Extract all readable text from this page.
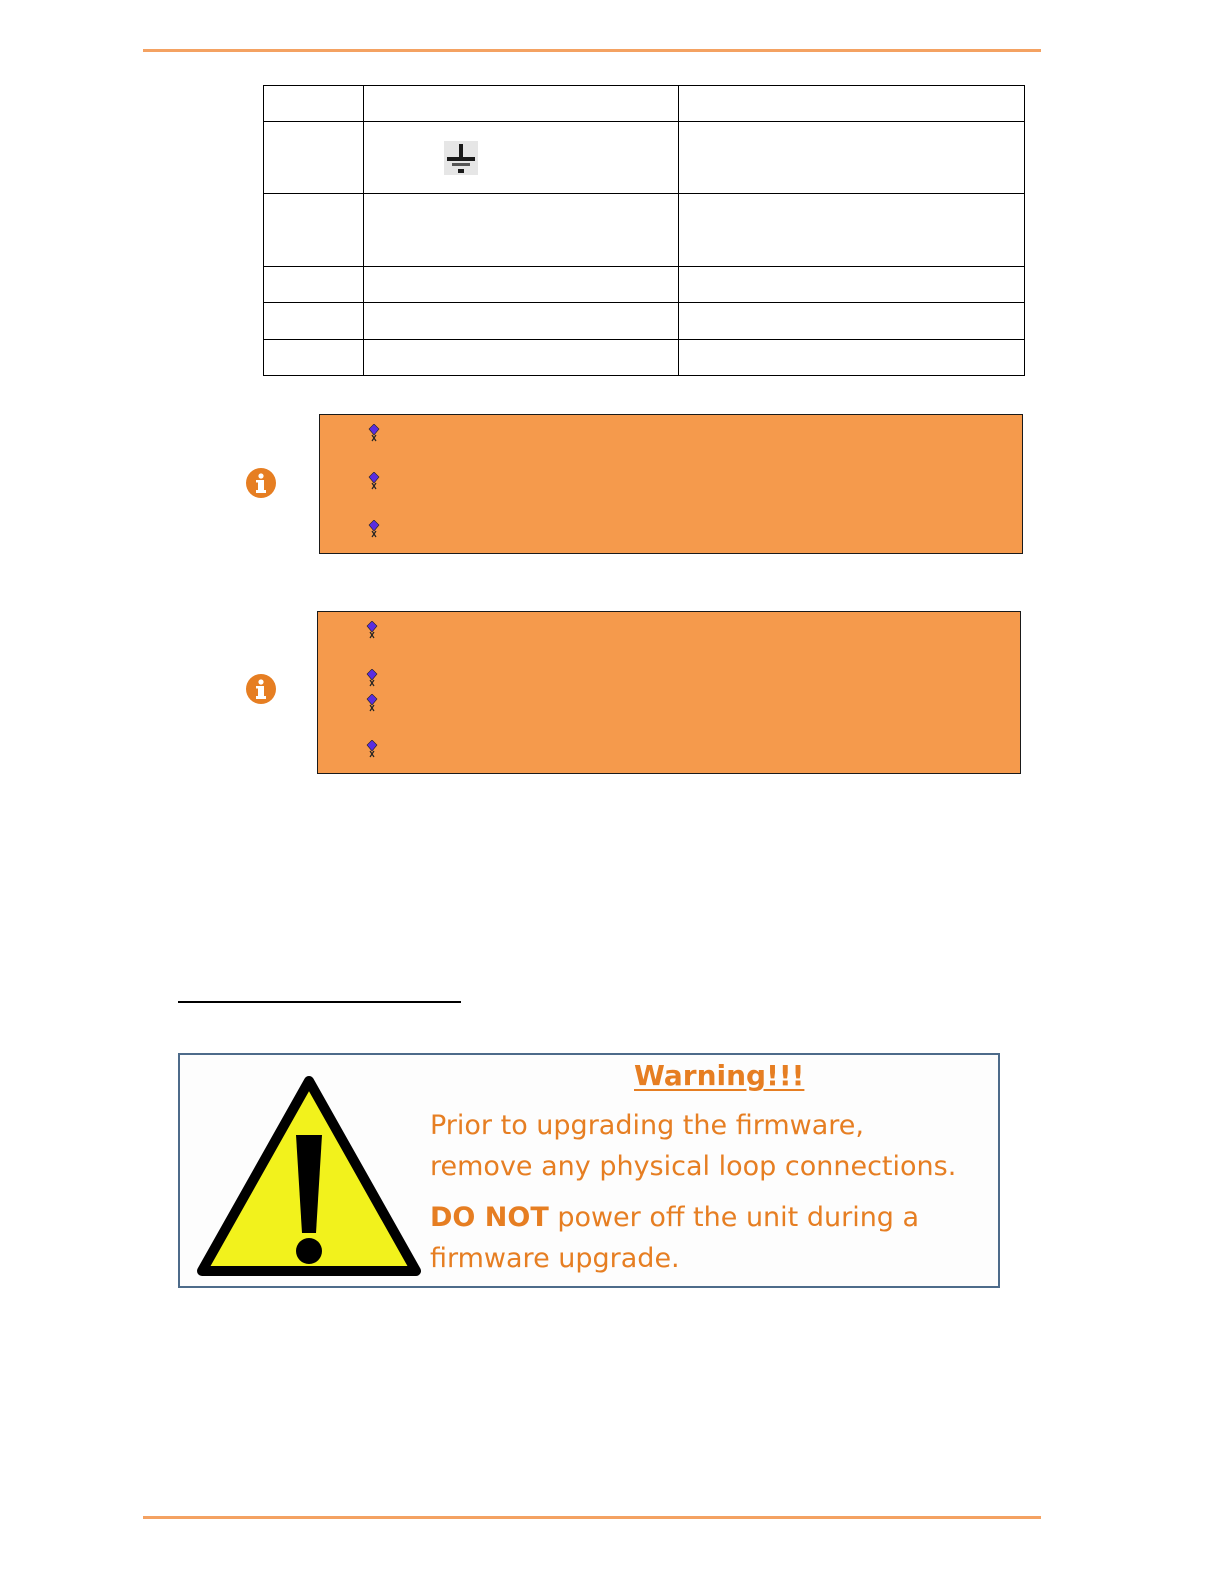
Warning!!!
Prior to upgrading the firmware,
remove any physical loop connections.
DO NOT power off the unit during a
firmware upgrade.
